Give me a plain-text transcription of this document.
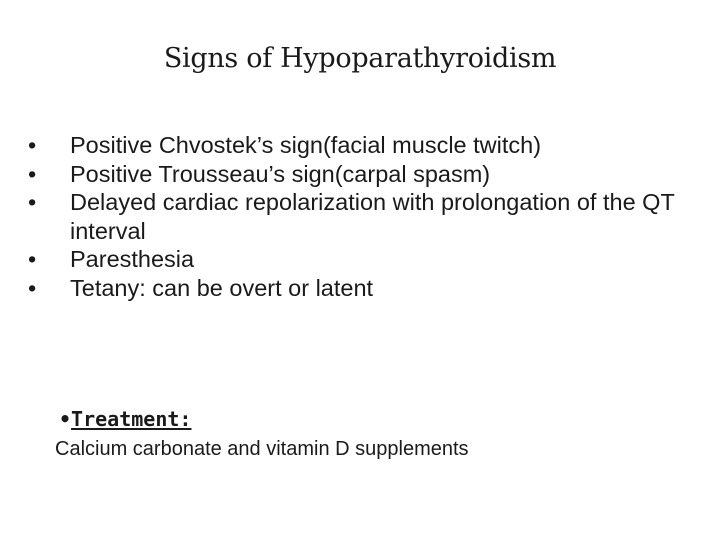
Signs of Hypoparathyroidism
•	Positive Chvostek’s sign(facial muscle twitch)
•	Positive Trousseau’s sign(carpal spasm)
•	Delayed cardiac repolarization with prolongation of the QT interval
•	Paresthesia
•	Tetany: can be overt or latent
•Treatment:
Calcium carbonate and vitamin D supplements
